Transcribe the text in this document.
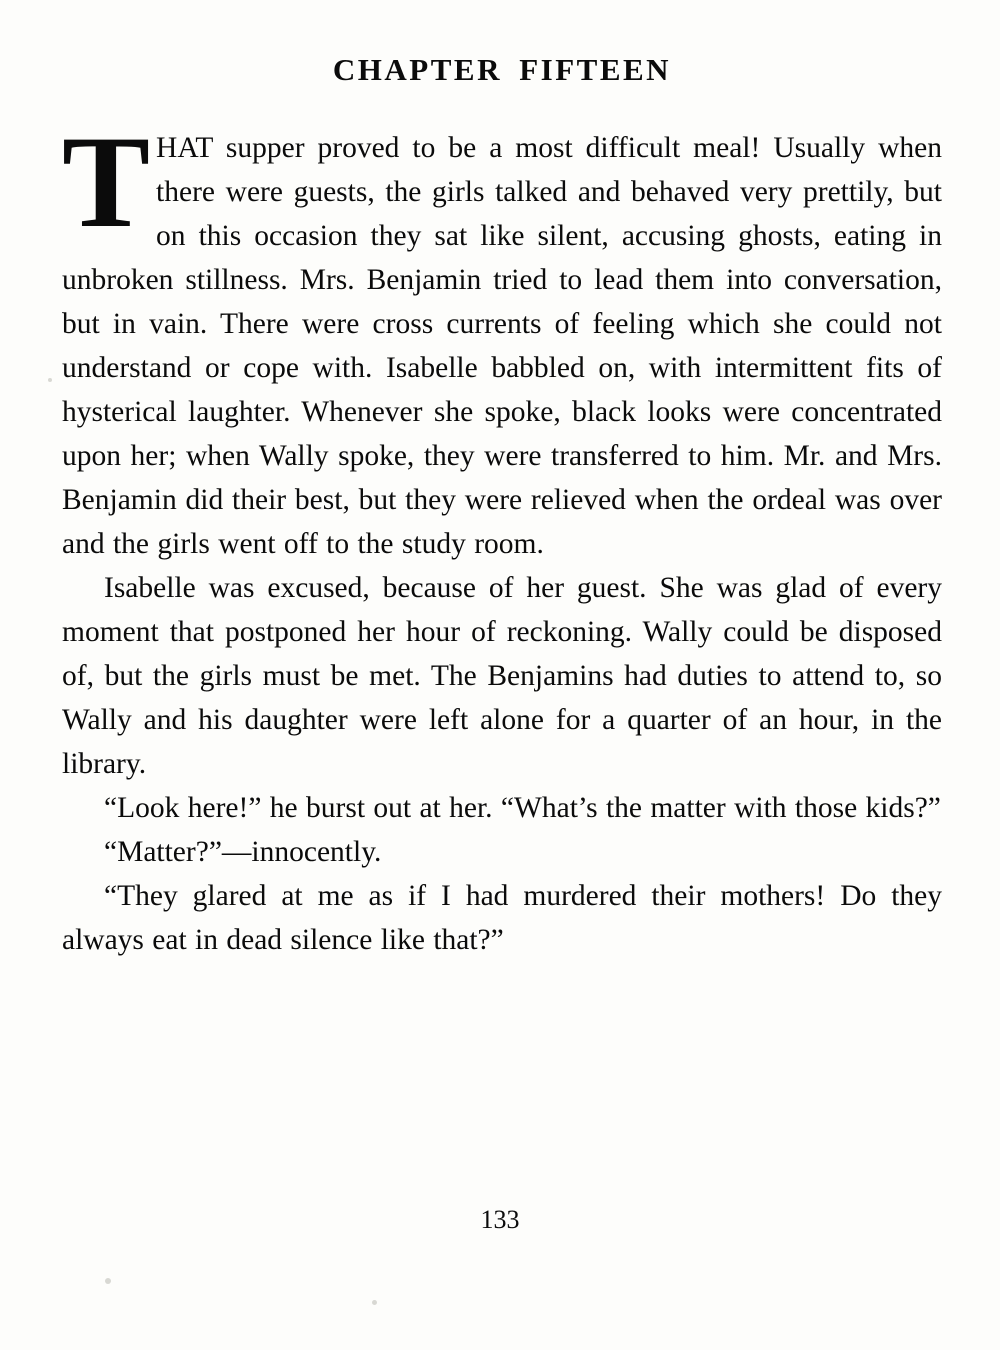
CHAPTER FIFTEEN

THAT supper proved to be a most difficult meal! Usually when there were guests, the girls talked and behaved very prettily, but on this occasion they sat like silent, accusing ghosts, eating in unbroken stillness. Mrs. Benjamin tried to lead them into conversation, but in vain. There were cross currents of feeling which she could not understand or cope with. Isabelle babbled on, with intermittent fits of hysterical laughter. Whenever she spoke, black looks were concentrated upon her; when Wally spoke, they were transferred to him. Mr. and Mrs. Benjamin did their best, but they were relieved when the ordeal was over and the girls went off to the study room.

Isabelle was excused, because of her guest. She was glad of every moment that postponed her hour of reckoning. Wally could be disposed of, but the girls must be met. The Benjamins had duties to attend to, so Wally and his daughter were left alone for a quarter of an hour, in the library.

“Look here!” he burst out at her. “What’s the matter with those kids?”

“Matter?”—innocently.

“They glared at me as if I had murdered their mothers! Do they always eat in dead silence like that?”

133
